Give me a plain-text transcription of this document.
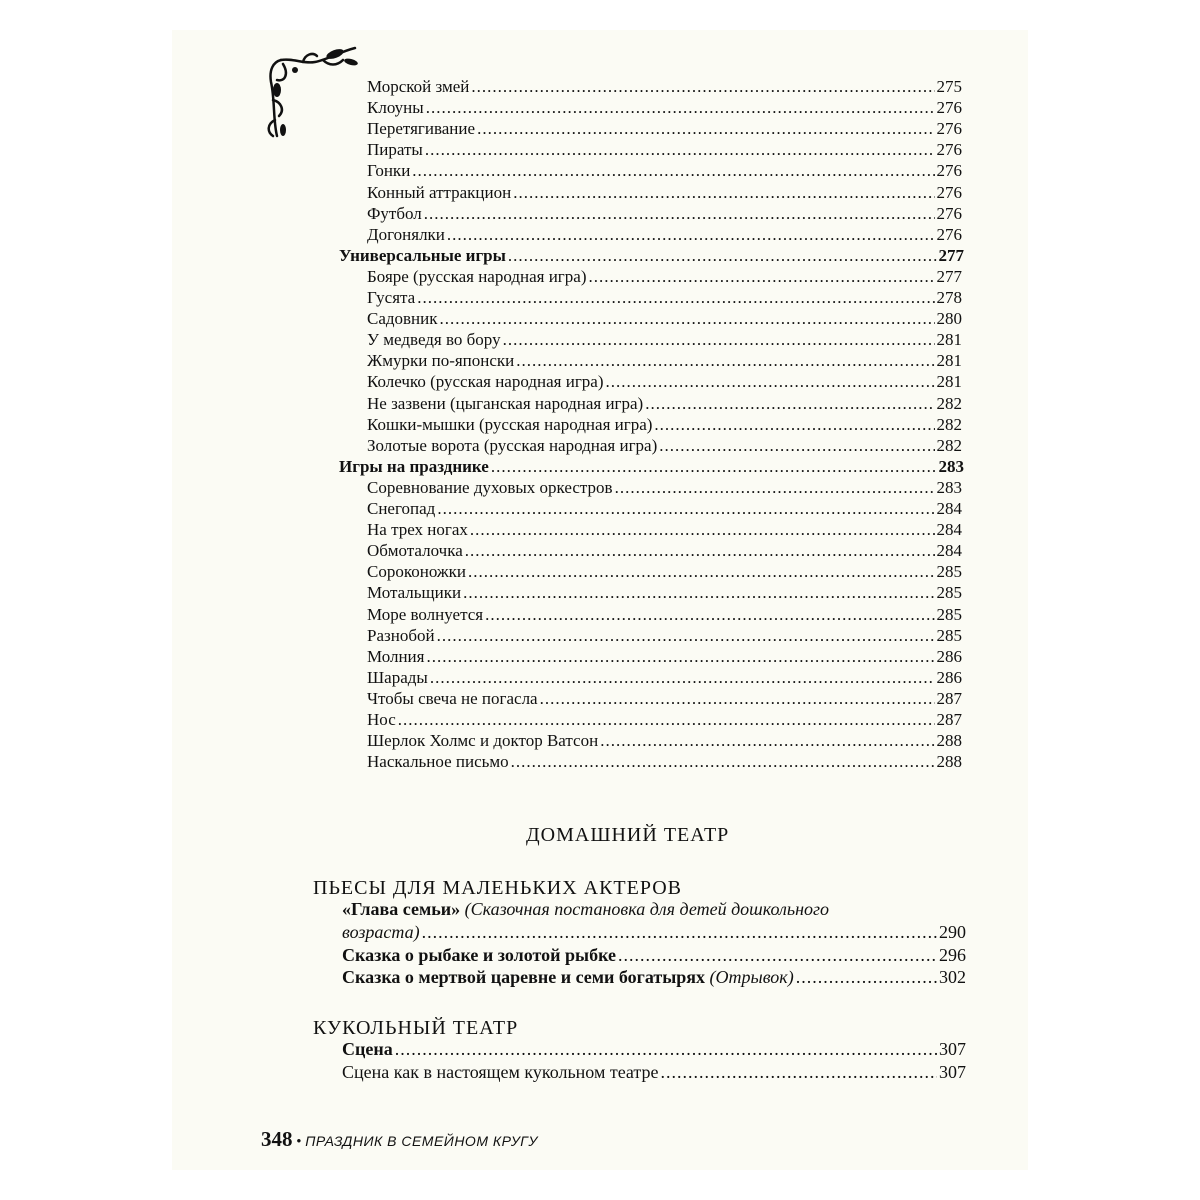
Морской змей .....	275
Клоуны .....	276
Перетягивание .....	276
Пираты .....	276
Гонки .....	276
Конный аттракцион .....	276
Футбол .....	276
Догонялки .....	276
Универсальные игры .....	277
Бояре (русская народная игра) .....	277
Гусята .....	278
Садовник .....	280
У медведя во бору .....	281
Жмурки по-японски .....	281
Колечко (русская народная игра) .....	281
Не зазвени (цыганская народная игра) .....	282
Кошки-мышки (русская народная игра) .....	282
Золотые ворота (русская народная игра) .....	282
Игры на празднике .....	283
Соревнование духовых оркестров .....	283
Снегопад .....	284
На трех ногах .....	284
Обмоталочка .....	284
Сороконожки .....	285
Мотальщики .....	285
Море волнуется .....	285
Разнобой .....	285
Молния .....	286
Шарады .....	286
Чтобы свеча не погасла .....	287
Нос .....	287
Шерлок Холмс и доктор Ватсон .....	288
Наскальное письмо .....	288
ДОМАШНИЙ ТЕАТР
ПЬЕСЫ ДЛЯ МАЛЕНЬКИХ АКТЕРОВ
«Глава семьи» (Сказочная постановка для детей дошкольного
возраста) .....	290
Сказка о рыбаке и золотой рыбке .....	296
Сказка о мертвой царевне и семи богатырях (Отрывок) .....	302
КУКОЛЬНЫЙ ТЕАТР
Сцена .....	307
Сцена как в настоящем кукольном театре .....	307
348 • ПРАЗДНИК В СЕМЕЙНОМ КРУГУ
